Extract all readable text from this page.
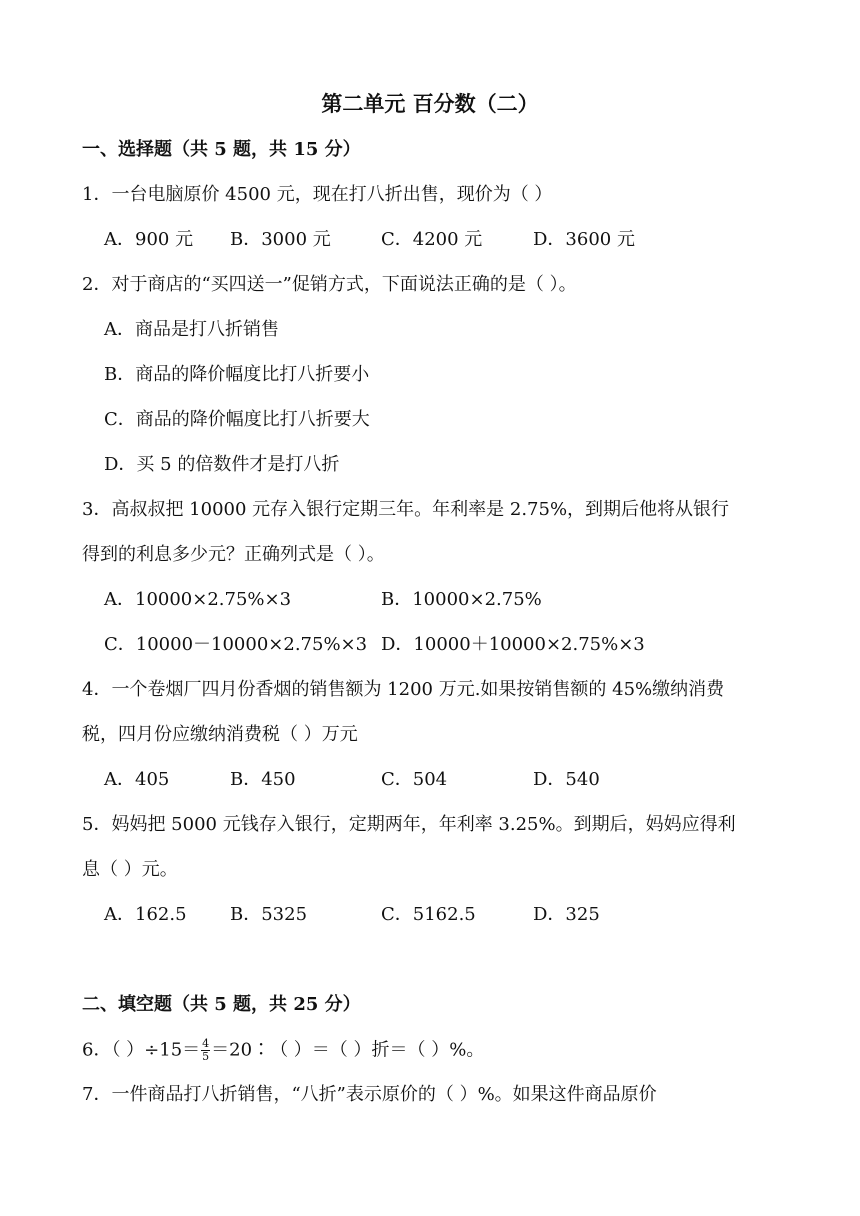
第二单元 百分数（二）
一、选择题（共 5 题，共 15 分）
1．一台电脑原价 4500 元，现在打八折出售，现价为（ ）
A．900 元 B．3000 元	C．4200 元	D．3600 元
2．对于商店的“买四送一”促销方式，下面说法正确的是（ ）。
A．商品是打八折销售
B．商品的降价幅度比打八折要小
C．商品的降价幅度比打八折要大
D．买 5 的倍数件才是打八折
3．高叔叔把 10000 元存入银行定期三年。年利率是 2.75%，到期后他将从银行
得到的利息多少元？正确列式是（ ）。
A．10000×2.75%×3	B．10000×2.75%
C．10000－10000×2.75%×3 D．10000＋10000×2.75%×3
4．一个卷烟厂四月份香烟的销售额为 1200 万元.如果按销售额的 45%缴纳消费
税，四月份应缴纳消费税（ ）万元
A．405	B．450	C．504	D．540
5．妈妈把 5000 元钱存入银行，定期两年，年利率 3.25%。到期后，妈妈应得利
息（ ）元。
A．162.5 B．5325	C．5162.5	D．325
二、填空题（共 5 题，共 25 分）
6．（ ）$\div 15= \frac{4}{5}$ ＝20∶（ ）＝（ ）折＝（ ）%。
7．一件商品打八折销售，“八折”表示原价的（ ）%。如果这件商品原价
